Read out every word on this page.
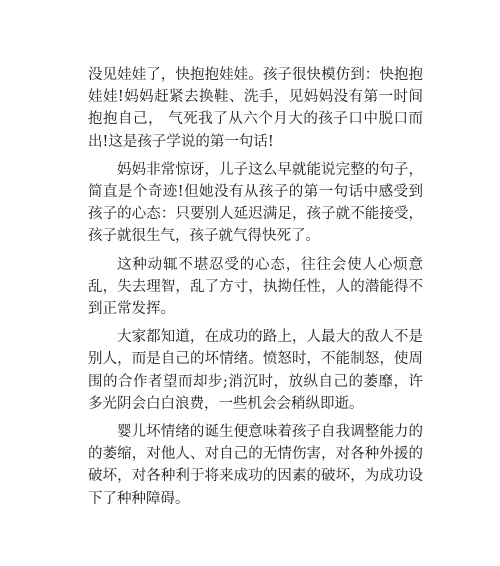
没见娃娃了，快抱抱娃娃。孩子很快模仿到：快抱抱娃娃!妈妈赶紧去换鞋、洗手，见妈妈没有第一时间抱抱自己， 气死我了从六个月大的孩子口中脱口而出!这是孩子学说的第一句话!

妈妈非常惊讶，儿子这么早就能说完整的句子，简直是个奇迹!但她没有从孩子的第一句话中感受到孩子的心态：只要别人延迟满足，孩子就不能接受，孩子就很生气，孩子就气得快死了。

这种动辄不堪忍受的心态，往往会使人心烦意乱，失去理智，乱了方寸，执拗任性，人的潜能得不到正常发挥。

大家都知道，在成功的路上，人最大的敌人不是别人，而是自己的坏情绪。愤怒时，不能制怒，使周围的合作者望而却步;消沉时，放纵自己的萎靡，许多光阴会白白浪费，一些机会会稍纵即逝。

婴儿坏情绪的诞生便意味着孩子自我调整能力的的萎缩，对他人、对自己的无情伤害，对各种外援的破坏，对各种利于将来成功的因素的破坏，为成功设下了种种障碍。
